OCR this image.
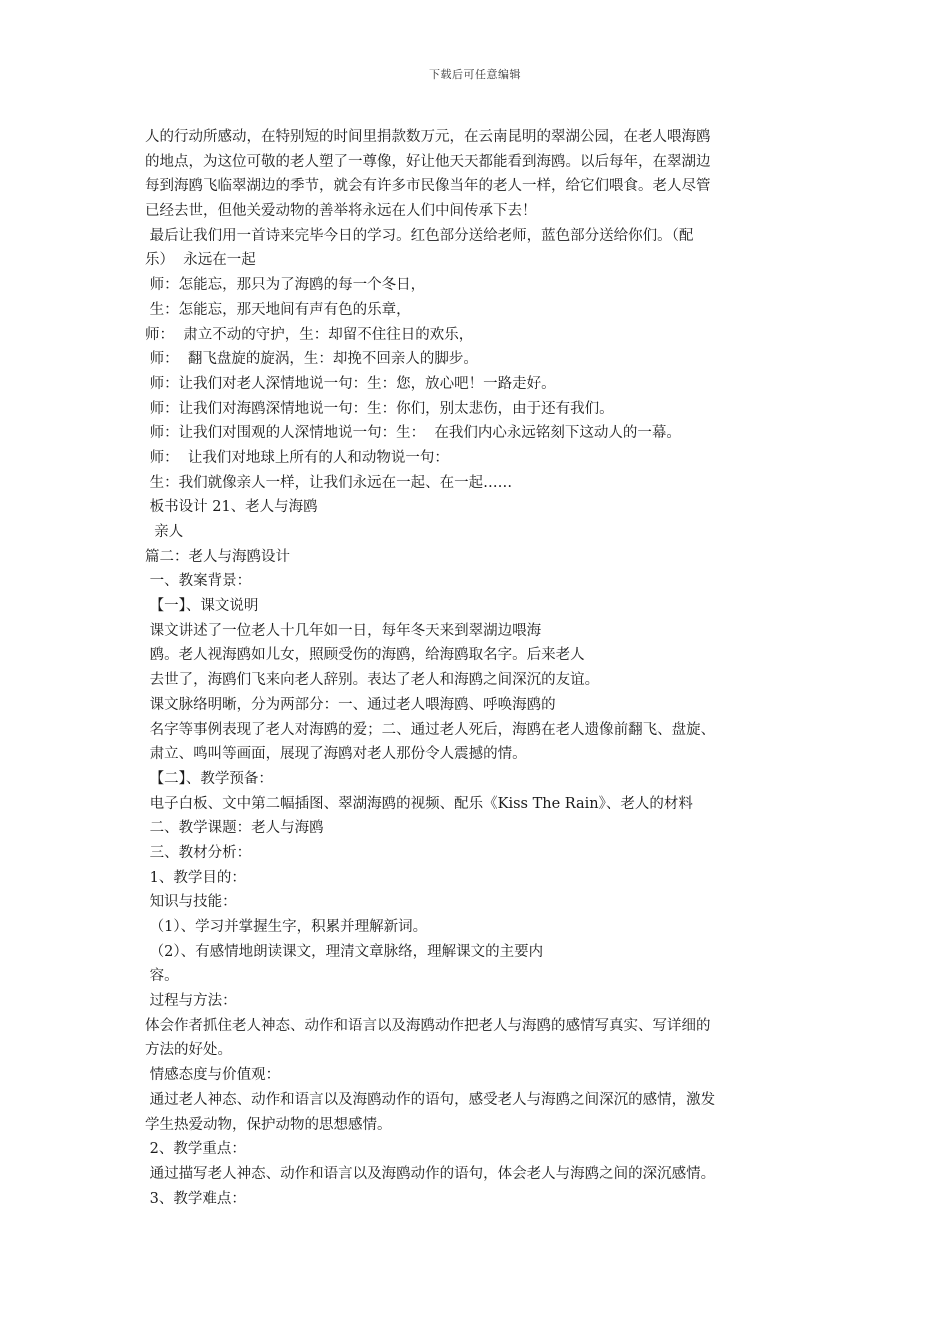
下载后可任意编辑
人的行动所感动，在特别短的时间里捐款数万元，在云南昆明的翠湖公园，在老人喂海鸥
的地点，为这位可敬的老人塑了一尊像，好让他天天都能看到海鸥。以后每年，在翠湖边
每到海鸥飞临翠湖边的季节，就会有许多市民像当年的老人一样，给它们喂食。老人尽管
已经去世，但他关爱动物的善举将永远在人们中间传承下去！
最后让我们用一首诗来完毕今日的学习。红色部分送给老师，蓝色部分送给你们。（配
乐）  永远在一起
师：怎能忘，那只为了海鸥的每一个冬日，
生：怎能忘，那天地间有声有色的乐章，
师：  肃立不动的守护，生：却留不住往日的欢乐，
师：  翻飞盘旋的旋涡，生：却挽不回亲人的脚步。
师：让我们对老人深情地说一句：生：您，放心吧！一路走好。
师：让我们对海鸥深情地说一句：生：你们，别太悲伤，由于还有我们。
师：让我们对围观的人深情地说一句：生：  在我们内心永远铭刻下这动人的一幕。
师：  让我们对地球上所有的人和动物说一句：
生：我们就像亲人一样，让我们永远在一起、在一起……
板书设计 21、老人与海鸥
亲人
篇二：老人与海鸥设计
一、教案背景：
【一】、课文说明
课文讲述了一位老人十几年如一日，每年冬天来到翠湖边喂海
鸥。老人视海鸥如儿女，照顾受伤的海鸥，给海鸥取名字。后来老人
去世了，海鸥们飞来向老人辞别。表达了老人和海鸥之间深沉的友谊。
课文脉络明晰，分为两部分：一、通过老人喂海鸥、呼唤海鸥的
名字等事例表现了老人对海鸥的爱；二、通过老人死后，海鸥在老人遗像前翻飞、盘旋、
肃立、鸣叫等画面，展现了海鸥对老人那份令人震撼的情。
【二】、教学预备：
电子白板、文中第二幅插图、翠湖海鸥的视频、配乐《Kiss The Rain》、老人的材料
二、教学课题：老人与海鸥
三、教材分析：
1、教学目的：
知识与技能：
（1）、学习并掌握生字，积累并理解新词。
（2）、有感情地朗读课文，理清文章脉络，理解课文的主要内
容。
过程与方法：
体会作者抓住老人神态、动作和语言以及海鸥动作把老人与海鸥的感情写真实、写详细的
方法的好处。
情感态度与价值观：
通过老人神态、动作和语言以及海鸥动作的语句，感受老人与海鸥之间深沉的感情，激发
学生热爱动物，保护动物的思想感情。
2、教学重点：
通过描写老人神态、动作和语言以及海鸥动作的语句，体会老人与海鸥之间的深沉感情。
3、教学难点：
